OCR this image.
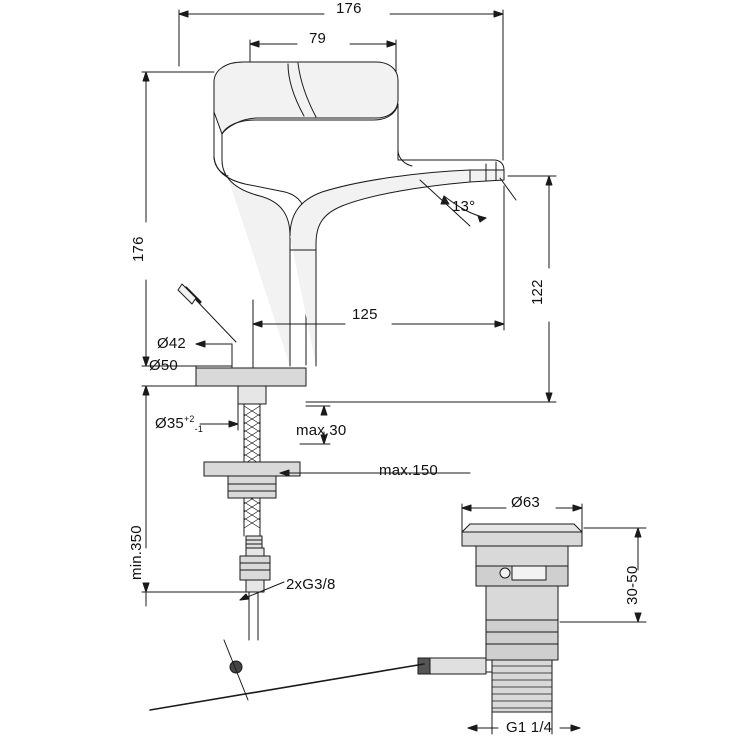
176
79
13°
125
Ø42
Ø50
$Ø35^{+2}_{-1}$	max.30
max.150
2xG3/8
Ø63
G1 1/4
176
122
min.350
30-50
